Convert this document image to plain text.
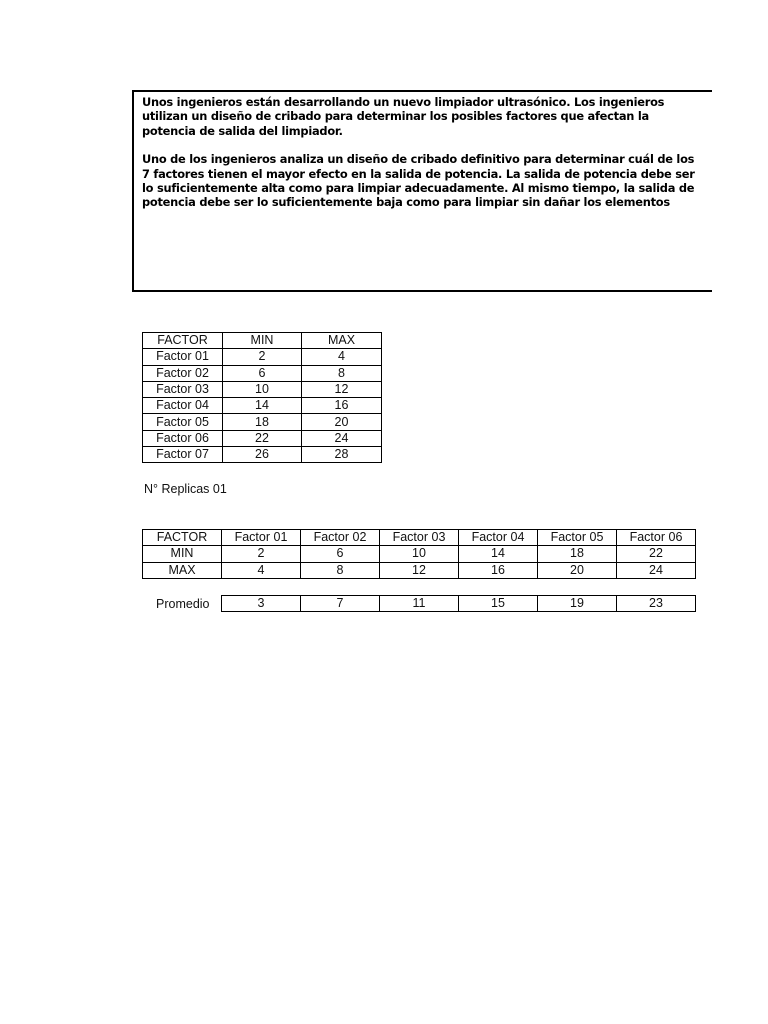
Unos ingenieros están desarrollando un nuevo limpiador ultrasónico. Los ingenieros utilizan un diseño de cribado para determinar los posibles factores que afectan la potencia de salida del limpiador.

Uno de los ingenieros analiza un diseño de cribado definitivo para determinar cuál de los 7 factores tienen el mayor efecto en la salida de potencia. La salida de potencia debe ser lo suficientemente alta como para limpiar adecuadamente. Al mismo tiempo, la salida de potencia debe ser lo suficientemente baja como para limpiar sin dañar los elementos

FACTOR	MIN	MAX
Factor 01	2	4
Factor 02	6	8
Factor 03	10	12
Factor 04	14	16
Factor 05	18	20
Factor 06	22	24
Factor 07	26	28
N° Replicas 01
FACTOR	Factor 01	Factor 02	Factor 03	Factor 04	Factor 05	Factor 06
MIN	2	6	10	14	18	22
MAX	4	8	12	16	20	24
Promedio	3	7	11	15	19	23
